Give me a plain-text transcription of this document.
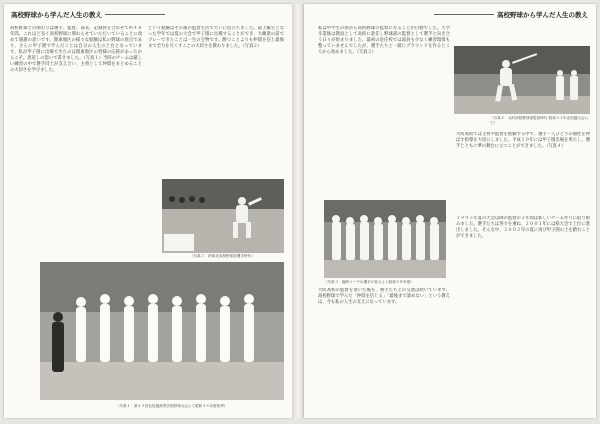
高校野球から学んだ人生の教え
高校野球との関わりは選手、監督、部長、記録員を合わせて約４８年間。これほど長く高校野球に関わらせていただいていることに改めて感謝の思いです。開東地区の様々な経験は私の野球の原点であり、さらに甲子園で学んだことは自分の人生の土台となっています。私が甲子園に出場できたのは開東地区の皆様の応援があったからこそ。恩返しの思いで書きました。（写真１）当時のチームは厳しい練習の中で選手同士が支え合い、主将として仲間をまとめることの大切さを学びました。
という経験はその後の監督生活で大いに役立ちました。最上級生となった学年では夏の大会で甲子園に出場することができ、大観衆の前でプレーできたことは一生の宝物です。勝つことよりも仲間を信じ最後まで全力を尽くすことの大切さを教わりました。（写真２）
（写真２：伊那北高校野球部選手時代）
（写真１：第４５回北信越高等学校野球大会にて昭和５６年度秋季）
高校野球から学んだ人生の教え
私は中学生の頃から高校野球の監督になることが目標でした。大学卒業後は教員として高校に赴任し野球部の監督として選手と向き合う日々が始まりました。最初の赴任校では部員も少なく練習環境も整っていませんでしたが、選手たちと一緒にグラウンドを作るところから始めました。（写真３）
（写真４：大町高校野球部監督時代 昭和５１年北信越大会にて）
大町高校では主将や監督を経験する中で、選手一人ひとりの個性を伸ばす指導を大切にしました。平成１０年には甲子園出場を果たし、選手とともに夢の舞台に立つことができました。（写真４）
（写真３：臨時コーチの選手の皆さんと昭和５８年頃）
１９９５年夏の大会以降の監督の３年間は新しいチーム作りに取り組みました。選手たちは努力を重ね、２００１年には県大会で上位に進出しました。そんな中、２００２年の夏に再び甲子園の土を踏むことができました。
大町高校の監督を退いた後も、選手たちとの交流は続いています。高校野球で学んだ「仲間を信じる」「最後まで諦めない」という教えは、今も私の人生の支えになっています。
